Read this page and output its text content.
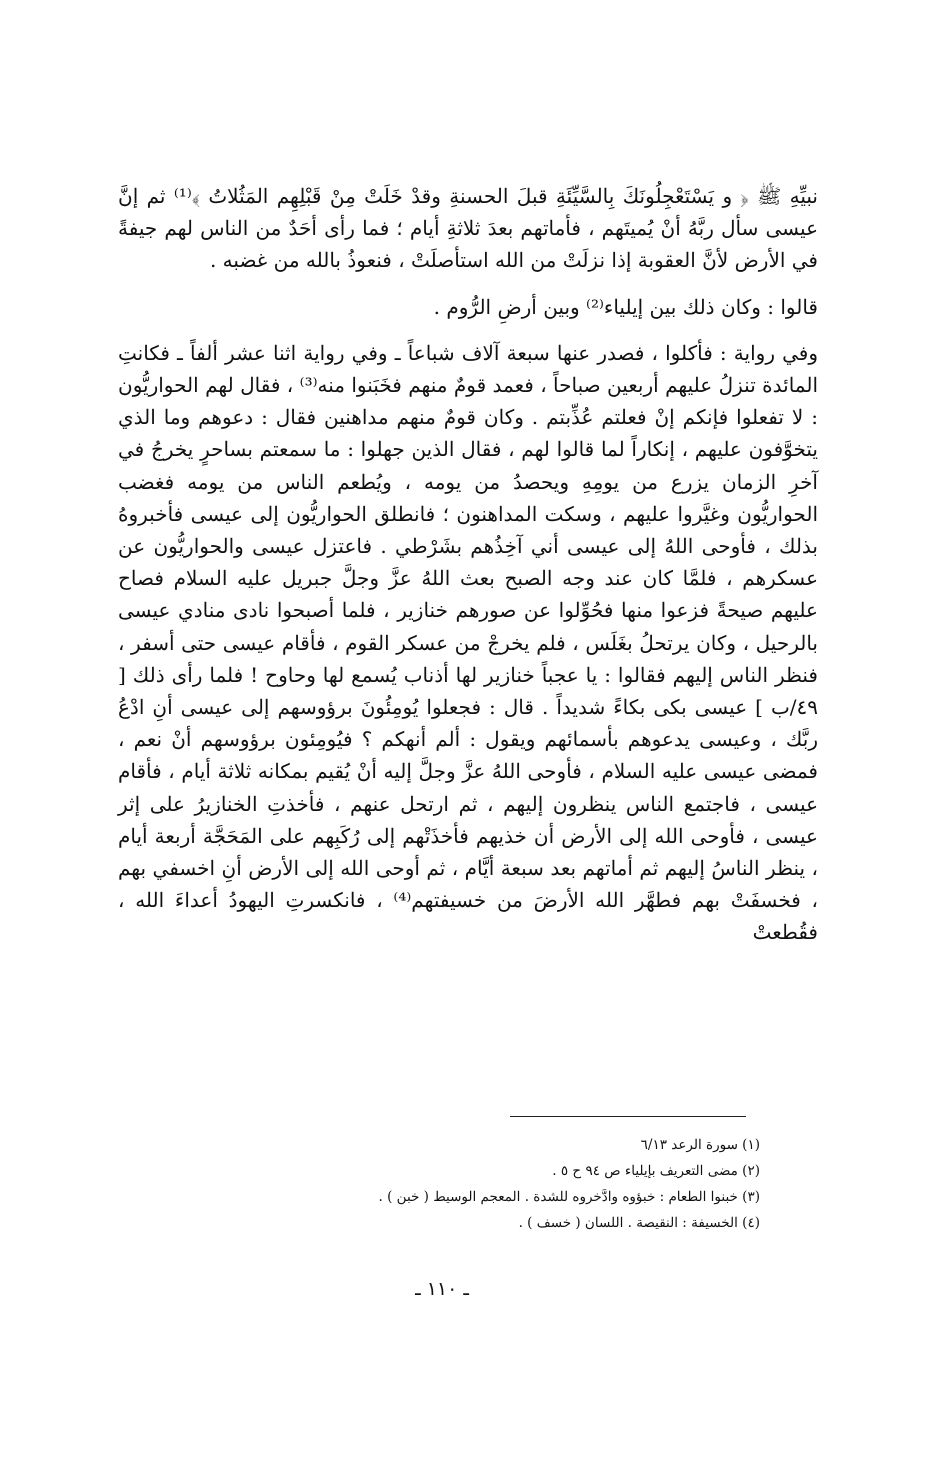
نبيِّهِ ﷺ ﴿ و يَسْتَعْجِلُونَكَ بِالسَّيِّئَةِ قبلَ الحسنةِ وقدْ خَلَتْ مِنْ قَبْلِهِم المَثُلاتُ ﴾⁽¹⁾ ثم إنَّ عيسى سأل ربَّهُ أنْ يُميتَهم ، فأماتهم بعدَ ثلاثةِ أيام ؛ فما رأى أحَدٌ من الناس لهم جيفةً في الأرض لأنَّ العقوبة إذا نزلَتْ من الله استأصلَتْ ، فنعوذُ بالله من غضبه .

قالوا : وكان ذلك بين إيلياء⁽²⁾ وبين أرضِ الرُّوم .

وفي رواية : فأكلوا ، فصدر عنها سبعة آلاف شباعاً ـ وفي رواية اثنا عشر ألفاً ـ فكانتِ المائدة تنزلُ عليهم أربعين صباحاً ، فعمد قومٌ منهم فخَبَنوا منه⁽³⁾ ، فقال لهم الحواريُّون : لا تفعلوا فإنكم إنْ فعلتم عُذِّبتم . وكان قومٌ منهم مداهنين فقال : دعوهم وما الذي يتخوَّفون عليهم ، إنكاراً لما قالوا لهم ، فقال الذين جهلوا : ما سمعتم بساحرٍ يخرجُ في آخرِ الزمان يزرع من يومِهِ ويحصدُ من يومه ، ويُطعم الناس من يومه فغضب الحواريُّون وغيَّروا عليهم ، وسكت المداهنون ؛ فانطلق الحواريُّون إلى عيسى فأخبروهُ بذلك ، فأوحى اللهُ إلى عيسى أني آخِذُهم بشَرْطي . فاعتزل عيسى والحواريُّون عن عسكرهم ، فلمَّا كان عند وجه الصبح بعث اللهُ عزَّ وجلَّ جبريل عليه السلام فصاح عليهم صيحةً فزعوا منها فحُوِّلوا عن صورهم خنازير ، فلما أصبحوا نادى منادي عيسى بالرحيل ، وكان يرتحلُ بغَلَس ، فلم يخرجْ من عسكر القوم ، فأقام عيسى حتى أسفر ، فنظر الناس إليهم فقالوا : يا عجباً خنازير لها أذناب يُسمع لها وحاوح ! فلما رأى ذلك [ ٤٩/ب ] عيسى بكى بكاءً شديداً . قال : فجعلوا يُومِئُونَ برؤوسهم إلى عيسى أنِ ادْعُ ربَّك ، وعيسى يدعوهم بأسمائهم ويقول : ألم أنهكم ؟ فيُومِئون برؤوسهم أنْ نعم ، فمضى عيسى عليه السلام ، فأوحى اللهُ عزَّ وجلَّ إليه أنْ يُقيم بمكانه ثلاثة أيام ، فأقام عيسى ، فاجتمع الناس ينظرون إليهم ، ثم ارتحل عنهم ، فأخذتِ الخنازيرُ على إثر عيسى ، فأوحى الله إلى الأرض أن خذيهم فأخذَتْهم إلى رُكَبِهم على المَحَجَّة أربعة أيام ، ينظر الناسُ إليهم ثم أماتهم بعد سبعة أيَّام ، ثم أوحى الله إلى الأرض أنِ اخسفي بهم ، فخسفَتْ بهم فطهَّر الله الأرضَ من خسيفتهم⁽⁴⁾ ، فانكسرتِ اليهودُ أعداءَ الله ، فقُطعتْ

(١) سورة الرعد ٦/١٣
(٢) مضى التعريف بإيلياء ص ٩٤ ح ٥ .
(٣) خبنوا الطعام : خبؤوه وادَّخروه للشدة . المعجم الوسيط ( خبن ) .
(٤) الخسيفة : النقيصة . اللسان ( خسف ) .
ـ ١١٠ ـ
